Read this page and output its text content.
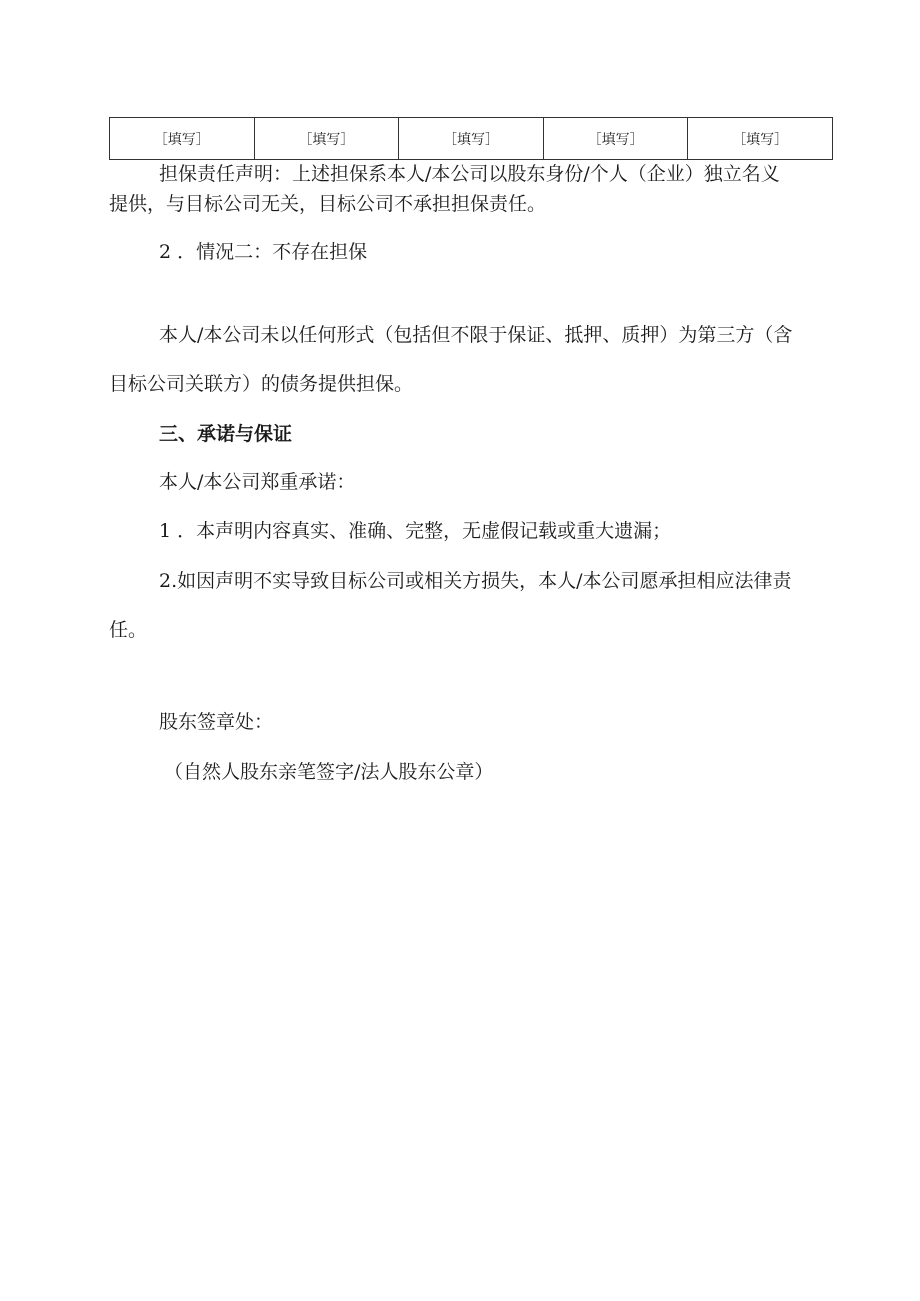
［填写］	［填写］	［填写］	［填写］	［填写］

担保责任声明：上述担保系本人/本公司以股东身份/个人（企业）独立名义

提供，与目标公司无关，目标公司不承担担保责任。

2 ．情况二：不存在担保

本人/本公司未以任何形式（包括但不限于保证、抵押、质押）为第三方（含

目标公司关联方）的债务提供担保。

三、承诺与保证

本人/本公司郑重承诺：

1 ．本声明内容真实、准确、完整，无虚假记载或重大遗漏；

2.如因声明不实导致目标公司或相关方损失，本人/本公司愿承担相应法律责

任。

股东签章处：

（自然人股东亲笔签字/法人股东公章）
